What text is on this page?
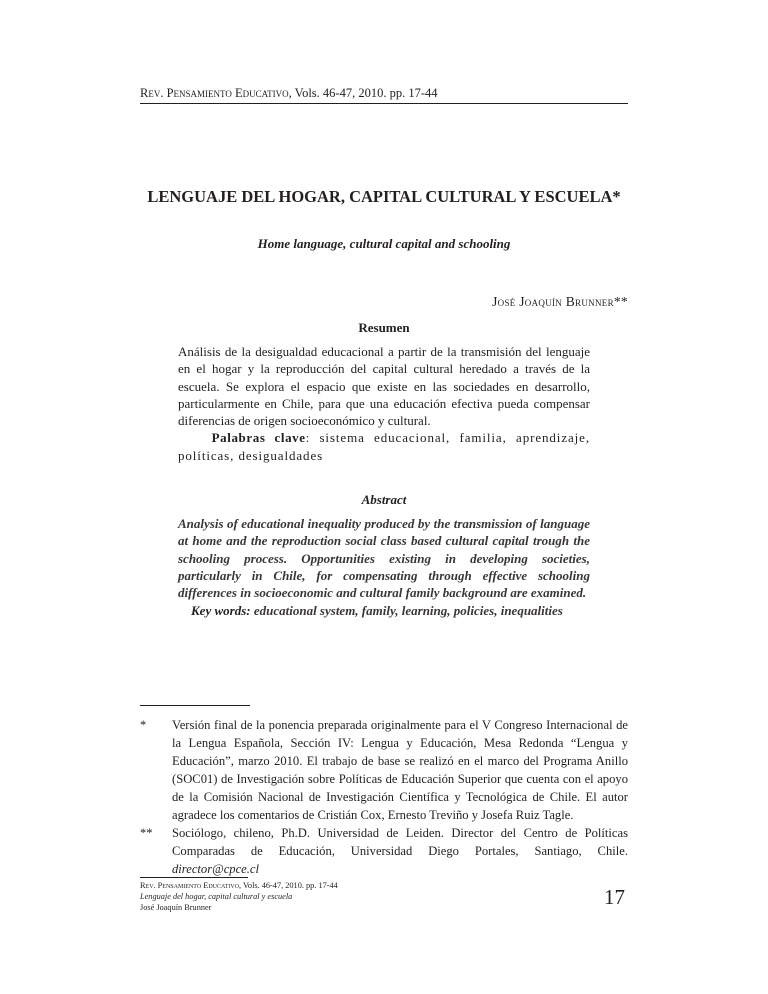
Rev. Pensamiento Educativo, Vols. 46-47, 2010. pp. 17-44
LENGUAJE DEL HOGAR, CAPITAL CULTURAL Y ESCUELA*
Home language, cultural capital and schooling
José Joaquín Brunner**
Resumen
Análisis de la desigualdad educacional a partir de la transmisión del lenguaje en el hogar y la reproducción del capital cultural heredado a través de la escuela. Se explora el espacio que existe en las sociedades en desarrollo, particularmente en Chile, para que una educación efectiva pueda compensar diferencias de origen socioeconómico y cultural.
Palabras clave: sistema educacional, familia, aprendizaje, políticas, desigualdades
Abstract
Analysis of educational inequality produced by the transmission of language at home and the reproduction social class based cultural capital trough the schooling process. Opportunities existing in developing societies, particularly in Chile, for compensating through effective schooling differences in socioeconomic and cultural family background are examined.
Key words: educational system, family, learning, policies, inequalities
* Versión final de la ponencia preparada originalmente para el V Congreso Internacional de la Lengua Española, Sección IV: Lengua y Educación, Mesa Redonda “Lengua y Educación”, marzo 2010. El trabajo de base se realizó en el marco del Programa Anillo (SOC01) de Investigación sobre Políticas de Educación Superior que cuenta con el apoyo de la Comisión Nacional de Investigación Científica y Tecnológica de Chile. El autor agradece los comentarios de Cristián Cox, Ernesto Treviño y Josefa Ruiz Tagle.
** Sociólogo, chileno, Ph.D. Universidad de Leiden. Director del Centro de Políticas Comparadas de Educación, Universidad Diego Portales, Santiago, Chile. director@cpce.cl
Rev. Pensamiento Educativo, Vols. 46-47, 2010. pp. 17-44
Lenguaje del hogar, capital cultural y escuela
José Joaquín Brunner	17
